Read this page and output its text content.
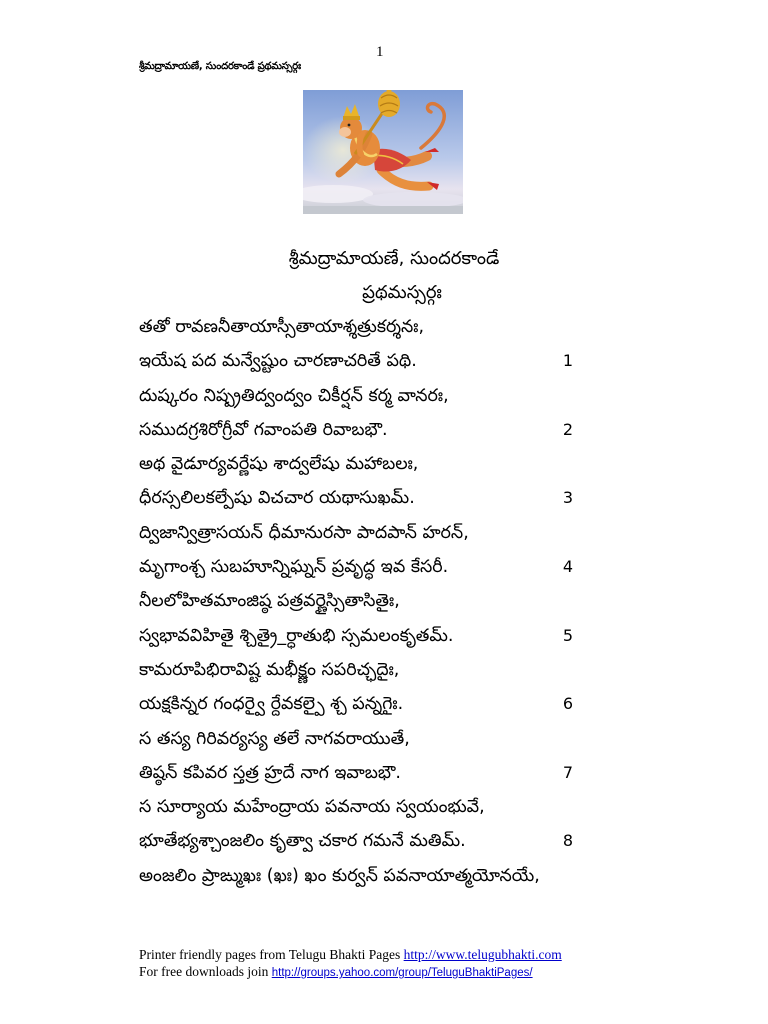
1
శ్రీమద్రామాయణే, సుందరకాండే ప్రథమస్సర్గః
శ్రీమద్రామాయణే, సుందరకాండే
ప్రథమస్సర్గః
తతో రావణనీతాయాస్సీతాయాశ్శత్రుకర్శనః,
ఇయేష పద మన్వేష్టుం చారణాచరితే పథి.	1
దుష్కరం నిష్ప్రతిద్వంద్వం చికీర్షన్ కర్మ వానరః,
సముదగ్రశిరోగ్రీవో గవాంపతి రివాబభౌ.	2
అథ వైడూర్యవర్ణేషు శాద్వలేషు మహాబలః,
ధీరస్సలిలకల్పేషు విచచార యథాసుఖమ్.	3
ద్విజాన్విత్రాసయన్ ధీమానురసా పాదపాన్ హరన్,
మృగాంశ్చ సుబహూన్నిఘ్నన్ ప్రవృద్ధ ఇవ కేసరీ.	4
నీలలోహితమాంజిష్ఠ పత్రవర్ణైస్సితాసితైః,
స్వభావవిహితై శ్చిత్రై_ర్ధాతుభి స్సమలంకృతమ్.	5
కామరూపిభిరావిష్ట మభీక్ష్ణం సపరిచ్ఛదైః,
యక్షకిన్నర గంధర్వై ర్దేవకల్పై శ్చ పన్నగైః.	6
స తస్య గిరివర్యస్య తలే నాగవరాయుతే,
తిష్ఠన్ కపివర స్తత్ర హ్రదే నాగ ఇవాబభౌ.	7
స సూర్యాయ మహేంద్రాయ పవనాయ స్వయంభువే,
భూతేభ్యశ్చాంజలిం కృత్వా చకార గమనే మతిమ్.	8
అంజలిం ప్రాఙ్ముఖః (ఖః) ఖం కుర్వన్ పవనాయాత్మయోనయే,
Printer friendly pages from Telugu Bhakti Pages http://www.telugubhakti.com
For free downloads join http://groups.yahoo.com/group/TeluguBhaktiPages/
